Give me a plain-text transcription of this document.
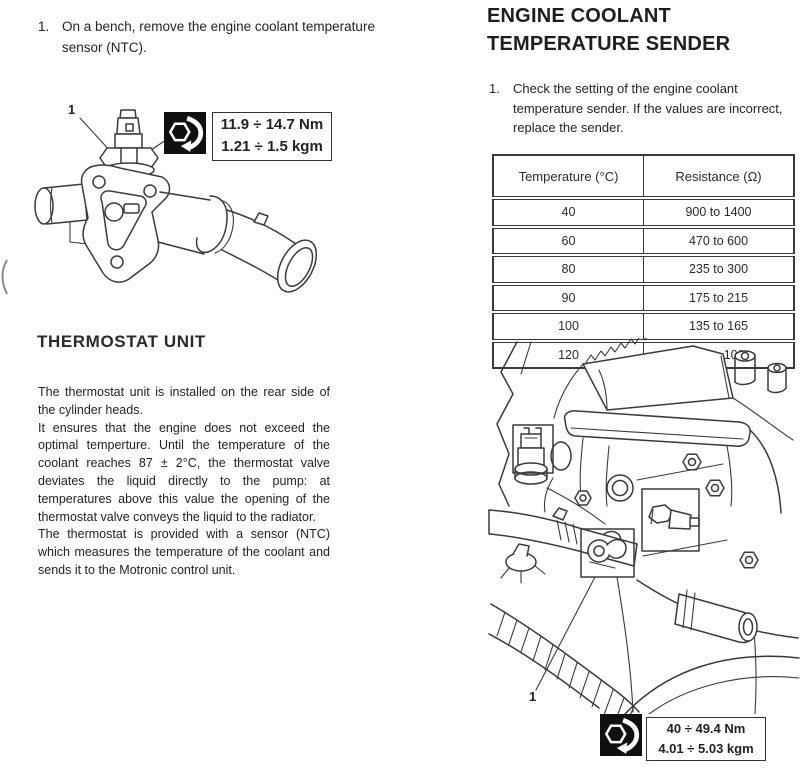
1. On a bench, remove the engine coolant temperature sensor (NTC).
1
11.9 ÷ 14.7 Nm
1.21 ÷ 1.5 kgm
THERMOSTAT UNIT

The thermostat unit is installed on the rear side of the cylinder heads.

It ensures that the engine does not exceed the optimal temperture. Until the temperature of the coolant reaches 87 ± 2°C, the thermostat valve deviates the liquid directly to the pump: at temperatures above this value the opening of the thermostat valve conveys the liquid to the radiator.

The thermostat is provided with a sensor (NTC) which measures the temperature of the coolant and sends it to the Motronic control unit.

ENGINE COOLANT TEMPERATURE SENDER
1.	Check the setting of the engine coolant temperature sender. If the values are incorrect, replace the sender.
Temperature (°C)	Resistance (Ω)
40	900 to 1400
60	470 to 600
80	235 to 300
90	175 to 215
100	135 to 165
120	100
1
40 ÷ 49.4 Nm
4.01 ÷ 5.03 kgm
